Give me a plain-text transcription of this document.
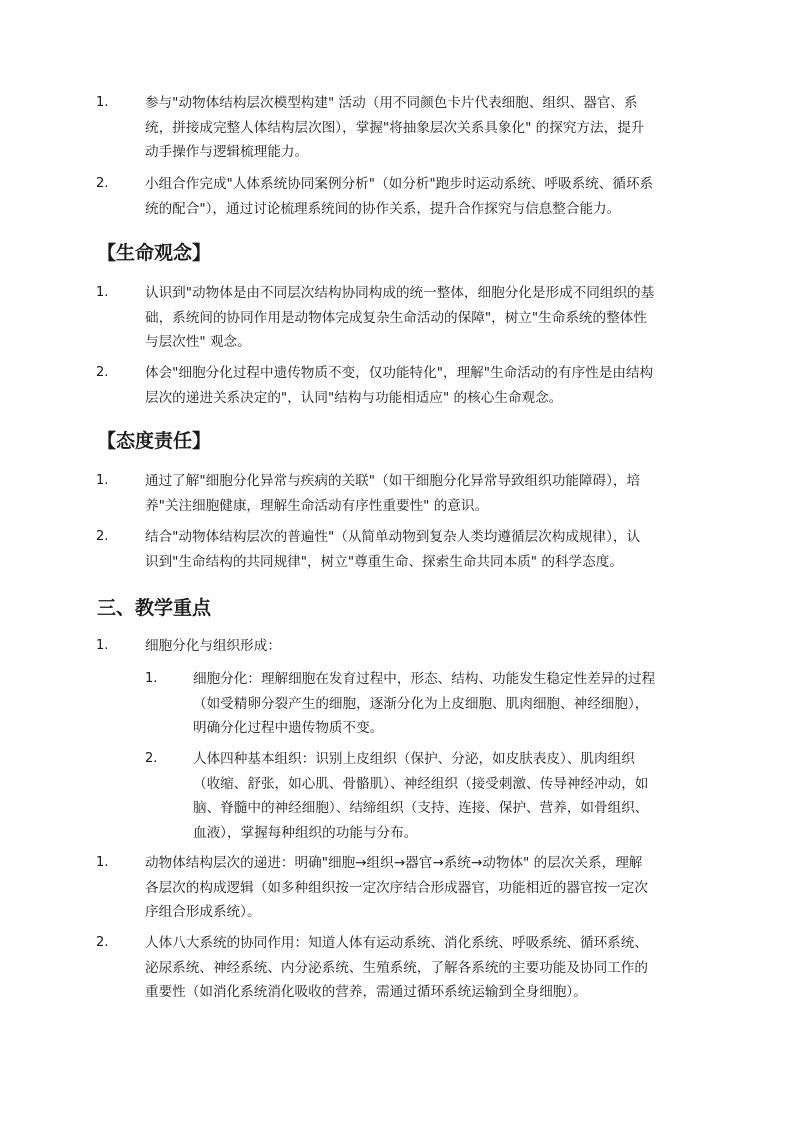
1.	参与"动物体结构层次模型构建" 活动（用不同颜色卡片代表细胞、组织、器官、系
统，拼接成完整人体结构层次图），掌握"将抽象层次关系具象化" 的探究方法，提升
动手操作与逻辑梳理能力。
2.	小组合作完成"人体系统协同案例分析"（如分析"跑步时运动系统、呼吸系统、循环系
统的配合"），通过讨论梳理系统间的协作关系，提升合作探究与信息整合能力。
【生命观念】
1.	认识到"动物体是由不同层次结构协同构成的统一整体，细胞分化是形成不同组织的基
础，系统间的协同作用是动物体完成复杂生命活动的保障"，树立"生命系统的整体性
与层次性" 观念。
2.	体会"细胞分化过程中遗传物质不变，仅功能特化"，理解"生命活动的有序性是由结构
层次的递进关系决定的"，认同"结构与功能相适应" 的核心生命观念。
【态度责任】
1.	通过了解"细胞分化异常与疾病的关联"（如干细胞分化异常导致组织功能障碍），培
养"关注细胞健康，理解生命活动有序性重要性" 的意识。
2.	结合"动物体结构层次的普遍性"（从简单动物到复杂人类均遵循层次构成规律），认
识到"生命结构的共同规律"，树立"尊重生命、探索生命共同本质" 的科学态度。
三、教学重点
1.	细胞分化与组织形成：
1.	细胞分化：理解细胞在发育过程中，形态、结构、功能发生稳定性差异的过程
（如受精卵分裂产生的细胞，逐渐分化为上皮细胞、肌肉细胞、神经细胞），
明确分化过程中遗传物质不变。
2.	人体四种基本组织：识别上皮组织（保护、分泌，如皮肤表皮）、肌肉组织
（收缩、舒张，如心肌、骨骼肌）、神经组织（接受刺激、传导神经冲动，如
脑、脊髓中的神经细胞）、结缔组织（支持、连接、保护、营养，如骨组织、
血液），掌握每种组织的功能与分布。
1.	动物体结构层次的递进：明确"细胞→组织→器官→系统→动物体" 的层次关系，理解
各层次的构成逻辑（如多种组织按一定次序结合形成器官，功能相近的器官按一定次
序组合形成系统）。
2.	人体八大系统的协同作用：知道人体有运动系统、消化系统、呼吸系统、循环系统、
泌尿系统、神经系统、内分泌系统、生殖系统，了解各系统的主要功能及协同工作的
重要性（如消化系统消化吸收的营养，需通过循环系统运输到全身细胞）。
